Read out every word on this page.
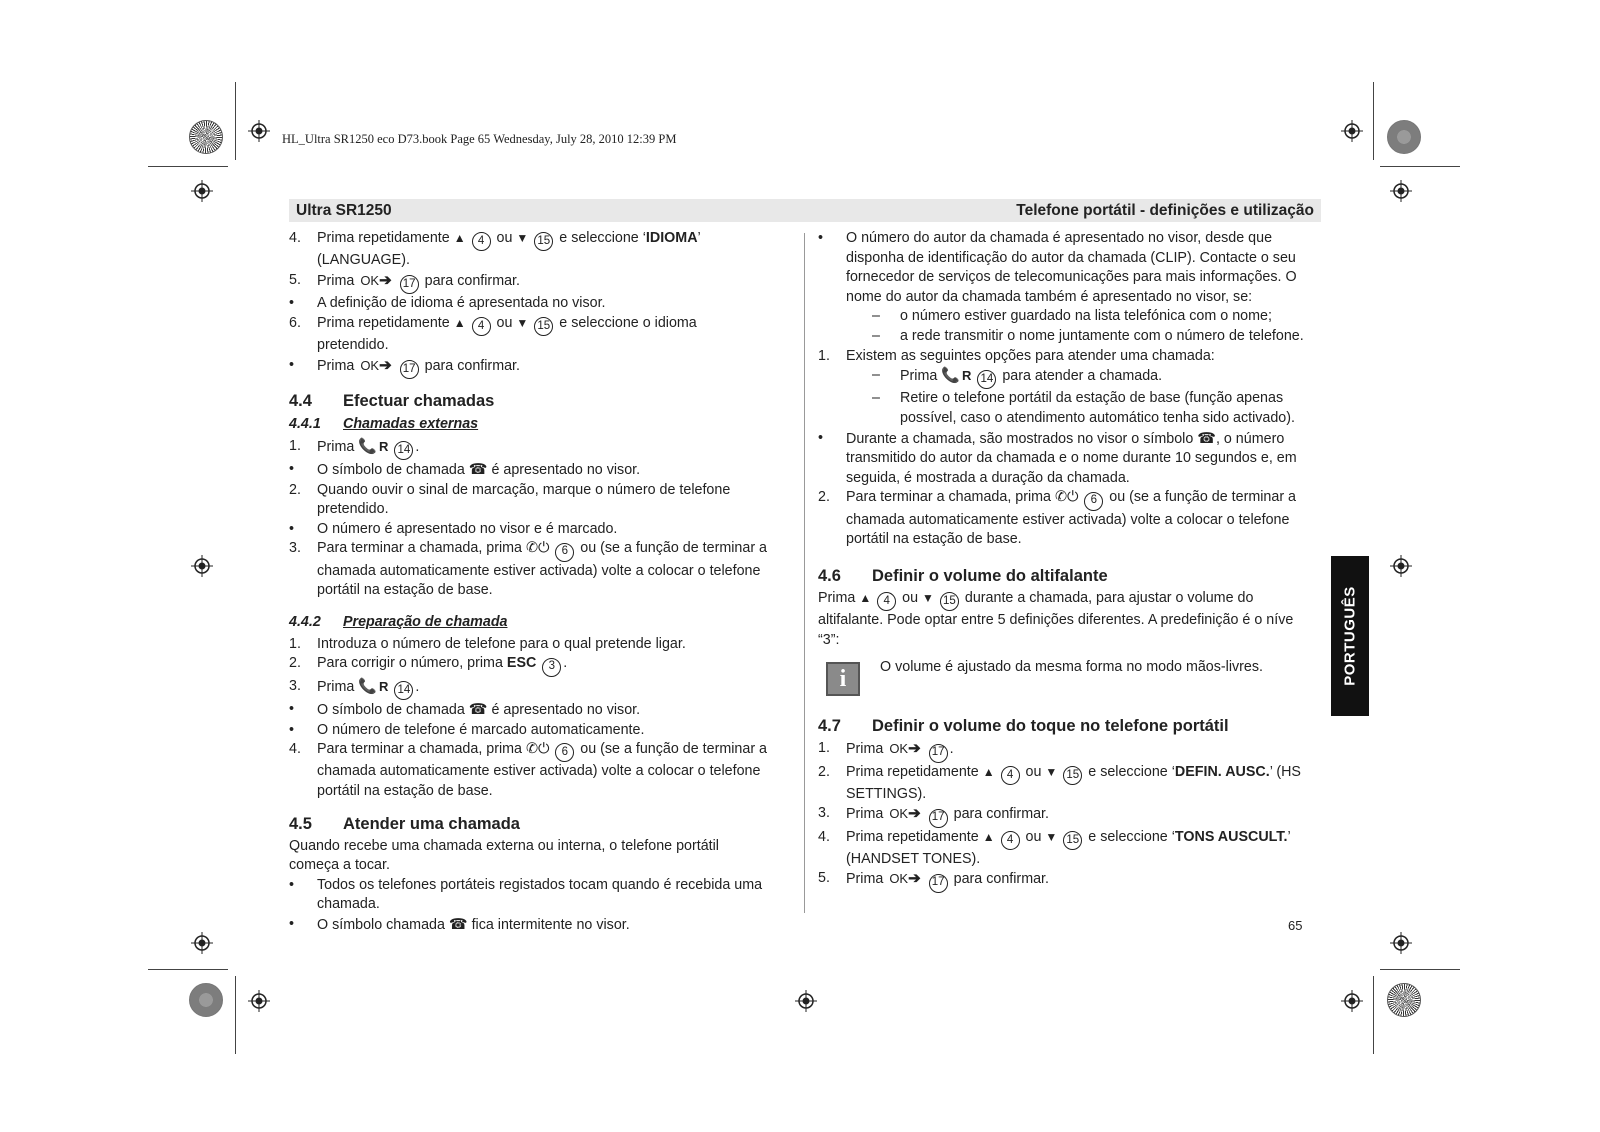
HL_Ultra SR1250 eco D73.book Page 65 Wednesday, July 28, 2010 12:39 PM
Ultra SR1250	Telefone portátil - definições e utilização
4. Prima repetidamente ▲ 4 ou ▼ 15 e seleccione ‘IDIOMA’ (LANGUAGE).
5. Prima OK➔ 17 para confirmar.
• A definição de idioma é apresentada no visor.
6. Prima repetidamente ▲ 4 ou ▼ 15 e seleccione o idioma pretendido.
• Prima OK➔ 17 para confirmar.
4.4 Efectuar chamadas
4.4.1 Chamadas externas
1. Prima 📞 R 14 .
• O símbolo de chamada ☎ é apresentado no visor.
2. Quando ouvir o sinal de marcação, marque o número de telefone pretendido.
• O número é apresentado no visor e é marcado.
3. Para terminar a chamada, prima ✆⏻ 6 ou (se a função de terminar a chamada automaticamente estiver activada) volte a colocar o telefone portátil na estação de base.
4.4.2 Preparação de chamada
1. Introduza o número de telefone para o qual pretende ligar.
2. Para corrigir o número, prima ESC 3 .
3. Prima 📞 R 14 .
• O símbolo de chamada ☎ é apresentado no visor.
• O número de telefone é marcado automaticamente.
4. Para terminar a chamada, prima ✆⏻ 6 ou (se a função de terminar a chamada automaticamente estiver activada) volte a colocar o telefone portátil na estação de base.
4.5 Atender uma chamada
Quando recebe uma chamada externa ou interna, o telefone portátil começa a tocar.
• Todos os telefones portáteis registados tocam quando é recebida uma chamada.
• O símbolo chamada ☎ fica intermitente no visor.
• O número do autor da chamada é apresentado no visor, desde que disponha de identificação do autor da chamada (CLIP). Contacte o seu fornecedor de serviços de telecomunicações para mais informações. O nome do autor da chamada também é apresentado no visor, se:
– o número estiver guardado na lista telefónica com o nome;
– a rede transmitir o nome juntamente com o número de telefone.
1. Existem as seguintes opções para atender uma chamada:
– Prima 📞 R 14 para atender a chamada.
– Retire o telefone portátil da estação de base (função apenas possível, caso o atendimento automático tenha sido activado).
• Durante a chamada, são mostrados no visor o símbolo ☎, o número transmitido do autor da chamada e o nome durante 10 segundos e, em seguida, é mostrada a duração da chamada.
2. Para terminar a chamada, prima ✆⏻ 6 ou (se a função de terminar a chamada automaticamente estiver activada) volte a colocar o telefone portátil na estação de base.
4.6 Definir o volume do altifalante
Prima ▲ 4 ou ▼ 15 durante a chamada, para ajustar o volume do altifalante. Pode optar entre 5 definições diferentes. A predefinição é o níve “3”:
i	O volume é ajustado da mesma forma no modo mãos-livres.
4.7 Definir o volume do toque no telefone portátil
1. Prima OK➔ 17 .
2. Prima repetidamente ▲ 4 ou ▼ 15 e seleccione ‘DEFIN. AUSC.’ (HS SETTINGS).
3. Prima OK➔ 17 para confirmar.
4. Prima repetidamente ▲ 4 ou ▼ 15 e seleccione ‘TONS AUSCULT.’ (HANDSET TONES).
5. Prima OK➔ 17 para confirmar.
PORTUGUÊS
65
